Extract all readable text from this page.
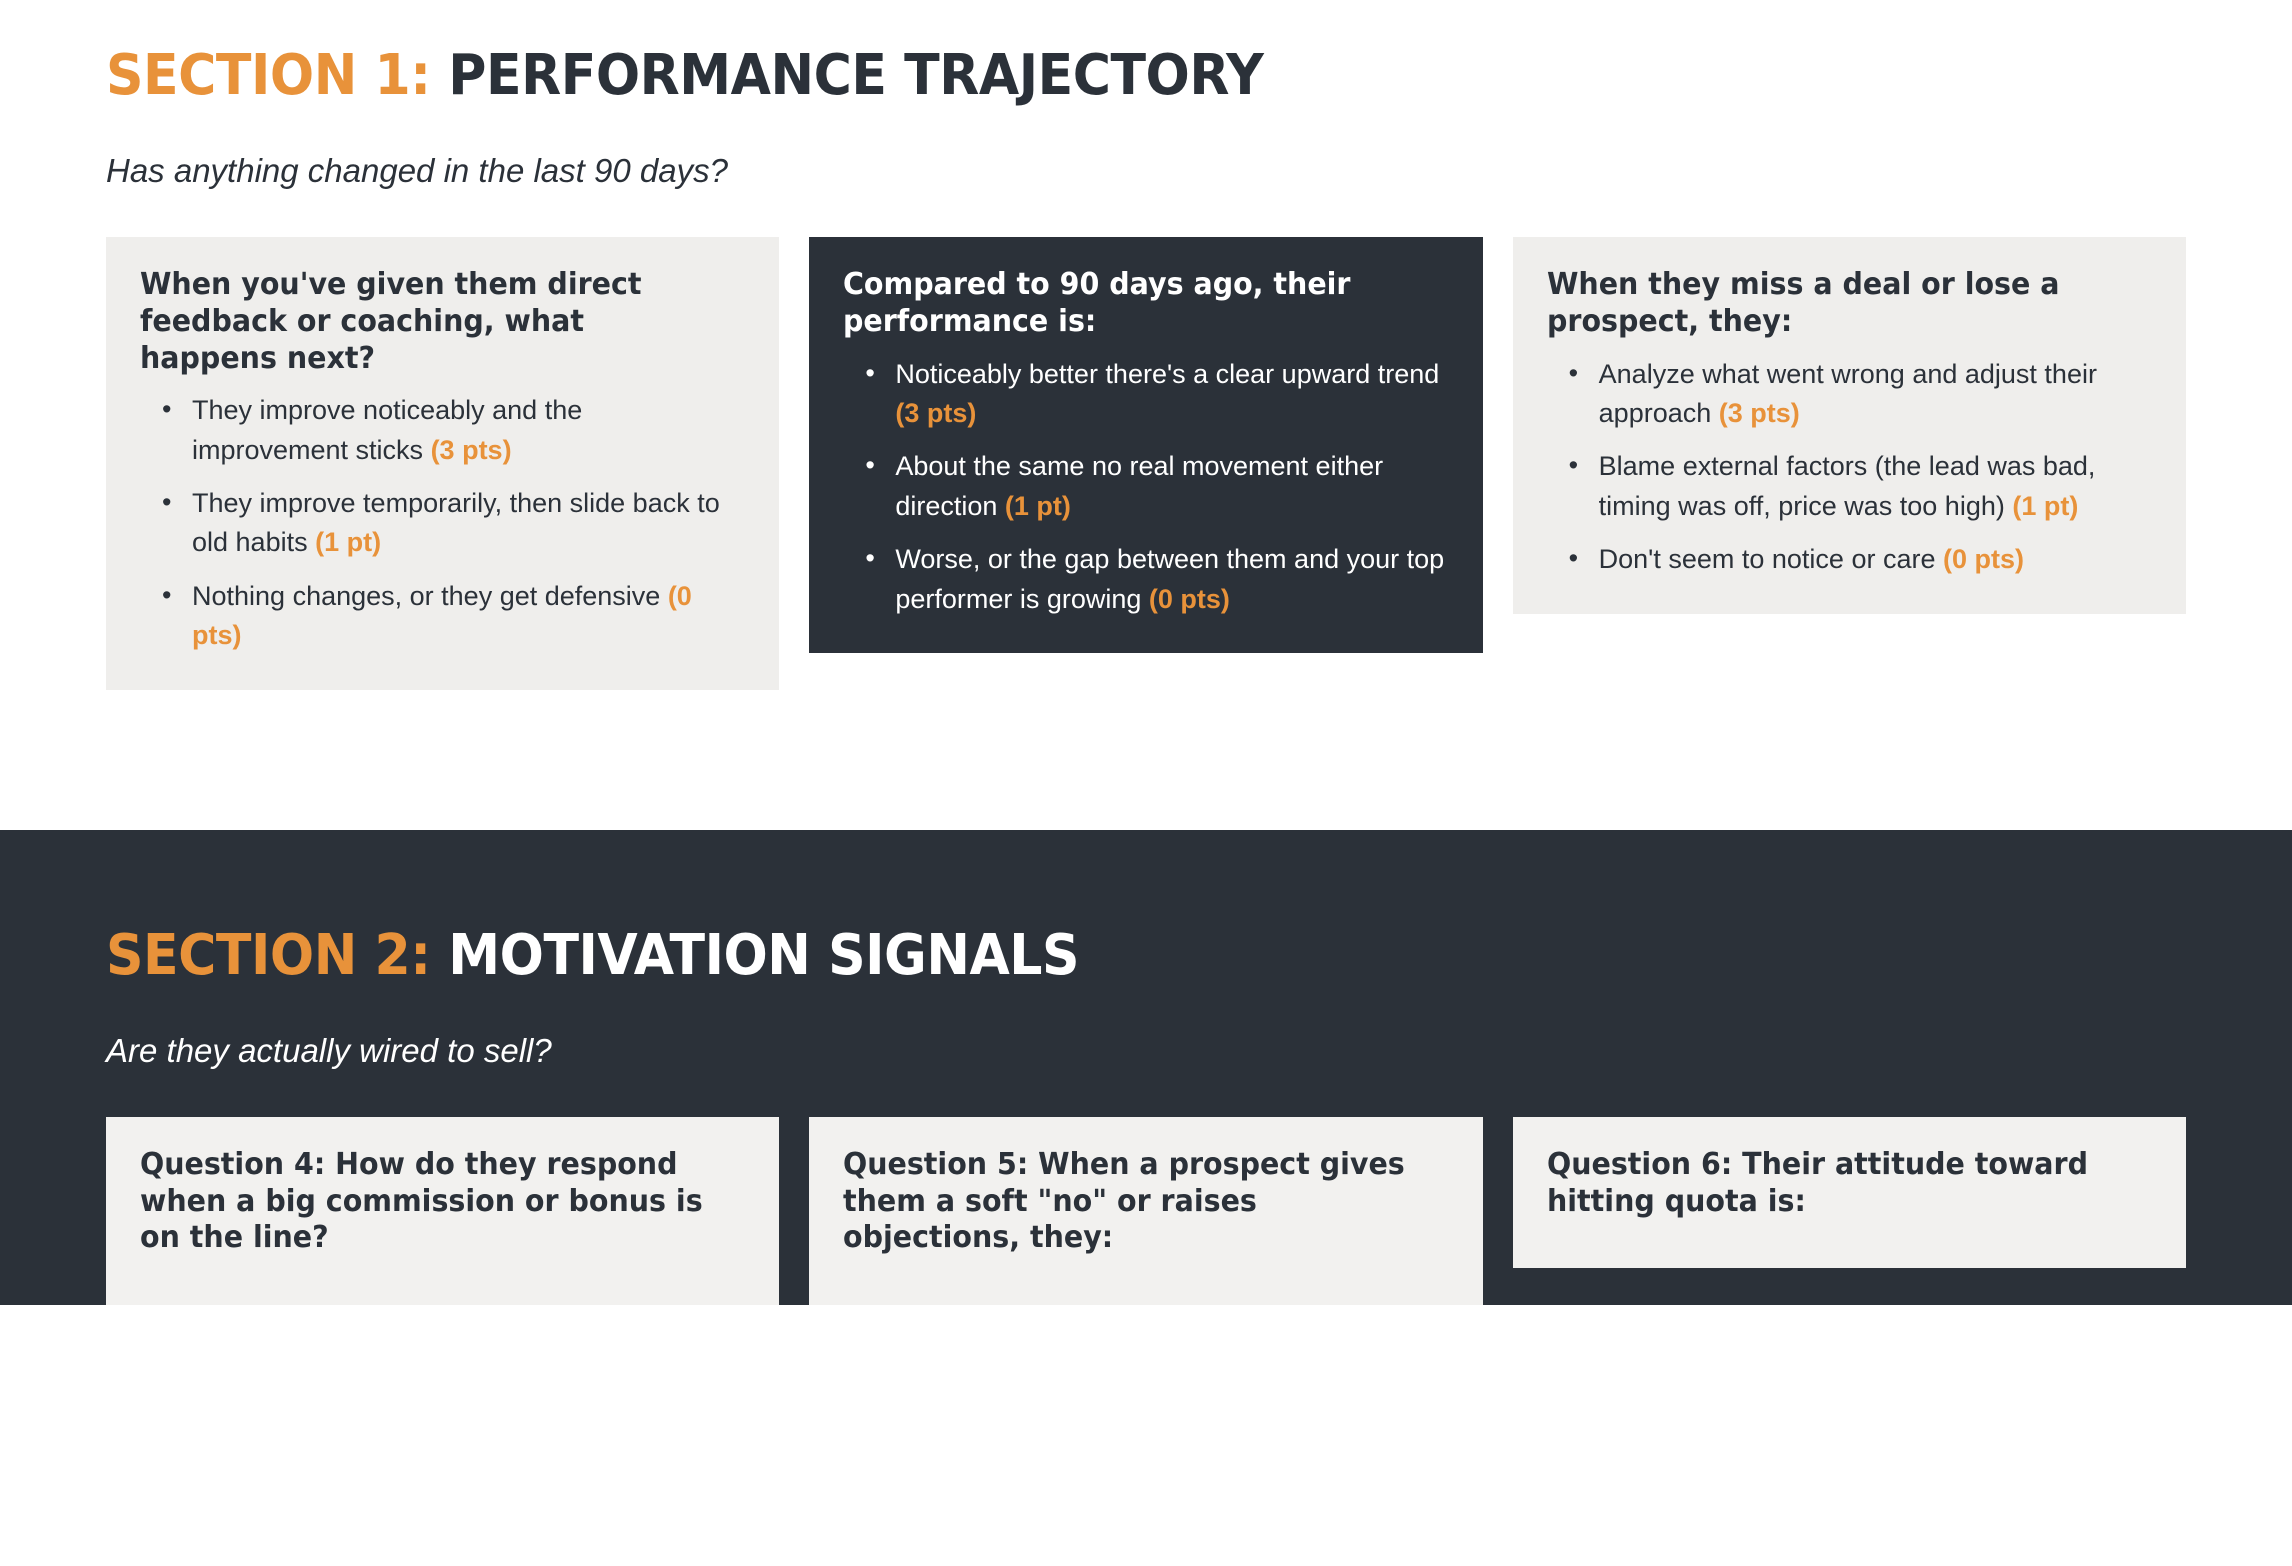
SECTION 1: PERFORMANCE TRAJECTORY
Has anything changed in the last 90 days?
When you've given them direct feedback or coaching, what happens next?
• They improve noticeably and the improvement sticks (3 pts)
• They improve temporarily, then slide back to old habits (1 pt)
• Nothing changes, or they get defensive (0 pts)
Compared to 90 days ago, their performance is:
• Noticeably better there's a clear upward trend (3 pts)
• About the same no real movement either direction (1 pt)
• Worse, or the gap between them and your top performer is growing (0 pts)
When they miss a deal or lose a prospect, they:
• Analyze what went wrong and adjust their approach (3 pts)
• Blame external factors (the lead was bad, timing was off, price was too high) (1 pt)
• Don't seem to notice or care (0 pts)
SECTION 2: MOTIVATION SIGNALS
Are they actually wired to sell?
Question 4: How do they respond when a big commission or bonus is on the line?
Question 5: When a prospect gives them a soft "no" or raises objections, they:
Question 6: Their attitude toward hitting quota is:
